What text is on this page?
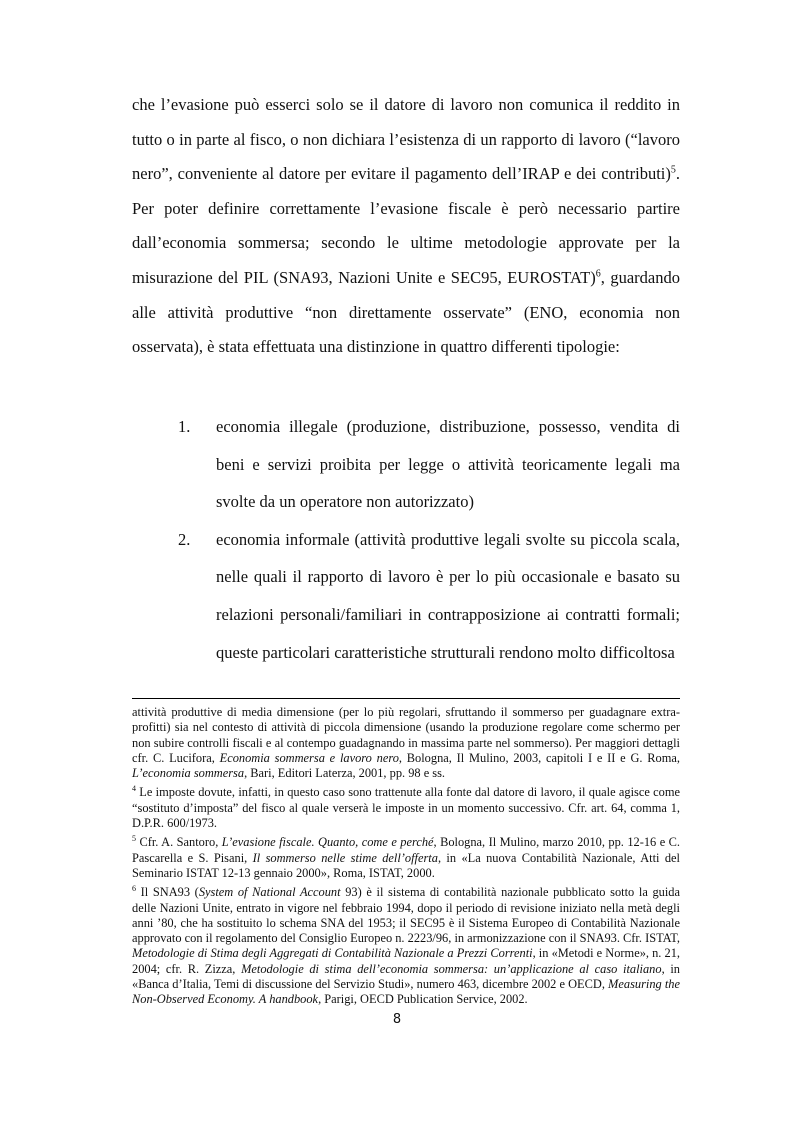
che l’evasione può esserci solo se il datore di lavoro non comunica il reddito in tutto o in parte al fisco, o non dichiara l’esistenza di un rapporto di lavoro (“lavoro nero”, conveniente al datore per evitare il pagamento dell’IRAP e dei contributi)$^5$. Per poter definire correttamente l’evasione fiscale è però necessario partire dall’economia sommersa; secondo le ultime metodologie approvate per la misurazione del PIL (SNA93, Nazioni Unite e SEC95, EUROSTAT)$^6$, guardando alle attività produttive “non direttamente osservate” (ENO, economia non osservata), è stata effettuata una distinzione in quattro differenti tipologie:

1. economia illegale (produzione, distribuzione, possesso, vendita di beni e servizi proibita per legge o attività teoricamente legali ma svolte da un operatore non autorizzato)
2. economia informale (attività produttive legali svolte su piccola scala, nelle quali il rapporto di lavoro è per lo più occasionale e basato su relazioni personali/familiari in contrapposizione ai contratti formali; queste particolari caratteristiche strutturali rendono molto difficoltosa

attività produttive di media dimensione (per lo più regolari, sfruttando il sommerso per guadagnare extra-profitti) sia nel contesto di attività di piccola dimensione (usando la produzione regolare come schermo per non subire controlli fiscali e al contempo guadagnando in massima parte nel sommerso). Per maggiori dettagli cfr. C. Lucifora, Economia sommersa e lavoro nero, Bologna, Il Mulino, 2003, capitoli I e II e G. Roma, L’economia sommersa, Bari, Editori Laterza, 2001, pp. 98 e ss.

$^4$ Le imposte dovute, infatti, in questo caso sono trattenute alla fonte dal datore di lavoro, il quale agisce come “sostituto d’imposta” del fisco al quale verserà le imposte in un momento successivo. Cfr. art. 64, comma 1, D.P.R. 600/1973.

$^5$ Cfr. A. Santoro, L’evasione fiscale. Quanto, come e perché, Bologna, Il Mulino, marzo 2010, pp. 12-16 e C. Pascarella e S. Pisani, Il sommerso nelle stime dell’offerta, in «La nuova Contabilità Nazionale, Atti del Seminario ISTAT 12-13 gennaio 2000», Roma, ISTAT, 2000.

$^6$ Il SNA93 (System of National Account 93) è il sistema di contabilità nazionale pubblicato sotto la guida delle Nazioni Unite, entrato in vigore nel febbraio 1994, dopo il periodo di revisione iniziato nella metà degli anni ’80, che ha sostituito lo schema SNA del 1953; il SEC95 è il Sistema Europeo di Contabilità Nazionale approvato con il regolamento del Consiglio Europeo n. 2223/96, in armonizzazione con il SNA93. Cfr. ISTAT, Metodologie di Stima degli Aggregati di Contabilità Nazionale a Prezzi Correnti, in «Metodi e Norme», n. 21, 2004; cfr. R. Zizza, Metodologie di stima dell’economia sommersa: un’applicazione al caso italiano, in «Banca d’Italia, Temi di discussione del Servizio Studi», numero 463, dicembre 2002 e OECD, Measuring the Non-Observed Economy. A handbook, Parigi, OECD Publication Service, 2002.

8
